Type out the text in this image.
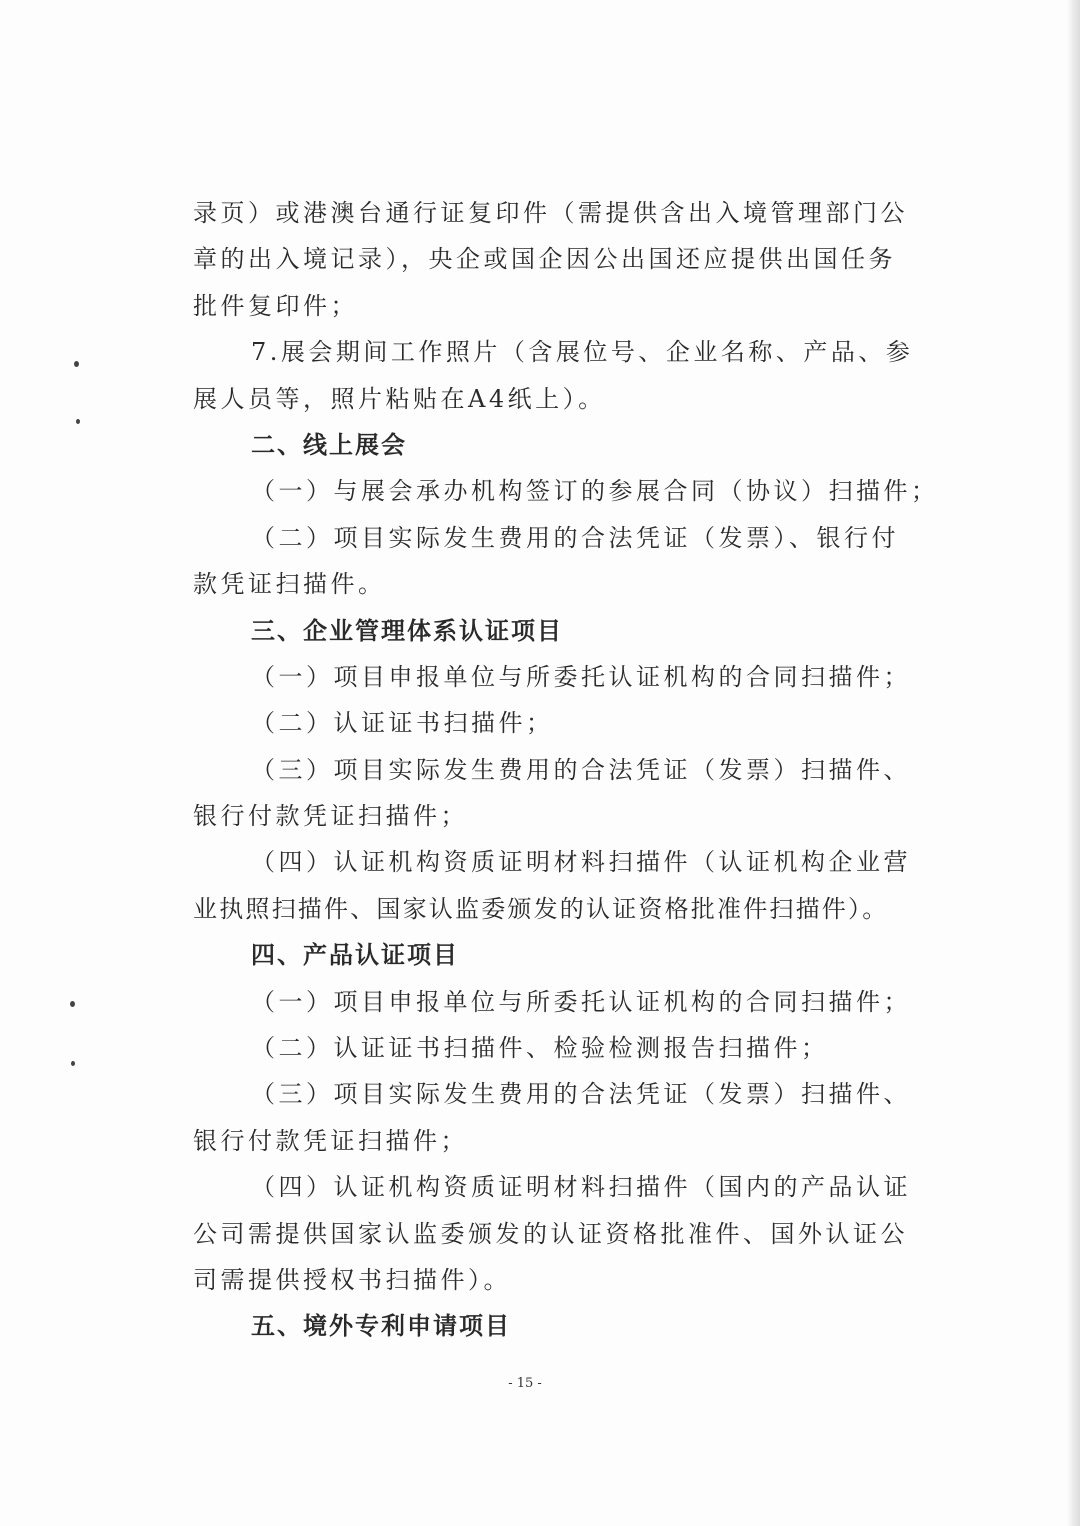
录页）或港澳台通行证复印件（需提供含出入境管理部门公
章的出入境记录），央企或国企因公出国还应提供出国任务
批件复印件；
7.展会期间工作照片（含展位号、企业名称、产品、参
展人员等，照片粘贴在A4纸上）。
二、线上展会
（一）与展会承办机构签订的参展合同（协议）扫描件；
（二）项目实际发生费用的合法凭证（发票）、银行付
款凭证扫描件。
三、企业管理体系认证项目
（一）项目申报单位与所委托认证机构的合同扫描件；
（二）认证证书扫描件；
（三）项目实际发生费用的合法凭证（发票）扫描件、
银行付款凭证扫描件；
（四）认证机构资质证明材料扫描件（认证机构企业营
业执照扫描件、国家认监委颁发的认证资格批准件扫描件）。
四、产品认证项目
（一）项目申报单位与所委托认证机构的合同扫描件；
（二）认证证书扫描件、检验检测报告扫描件；
（三）项目实际发生费用的合法凭证（发票）扫描件、
银行付款凭证扫描件；
（四）认证机构资质证明材料扫描件（国内的产品认证
公司需提供国家认监委颁发的认证资格批准件、国外认证公
司需提供授权书扫描件）。
五、境外专利申请项目
- 15 -
